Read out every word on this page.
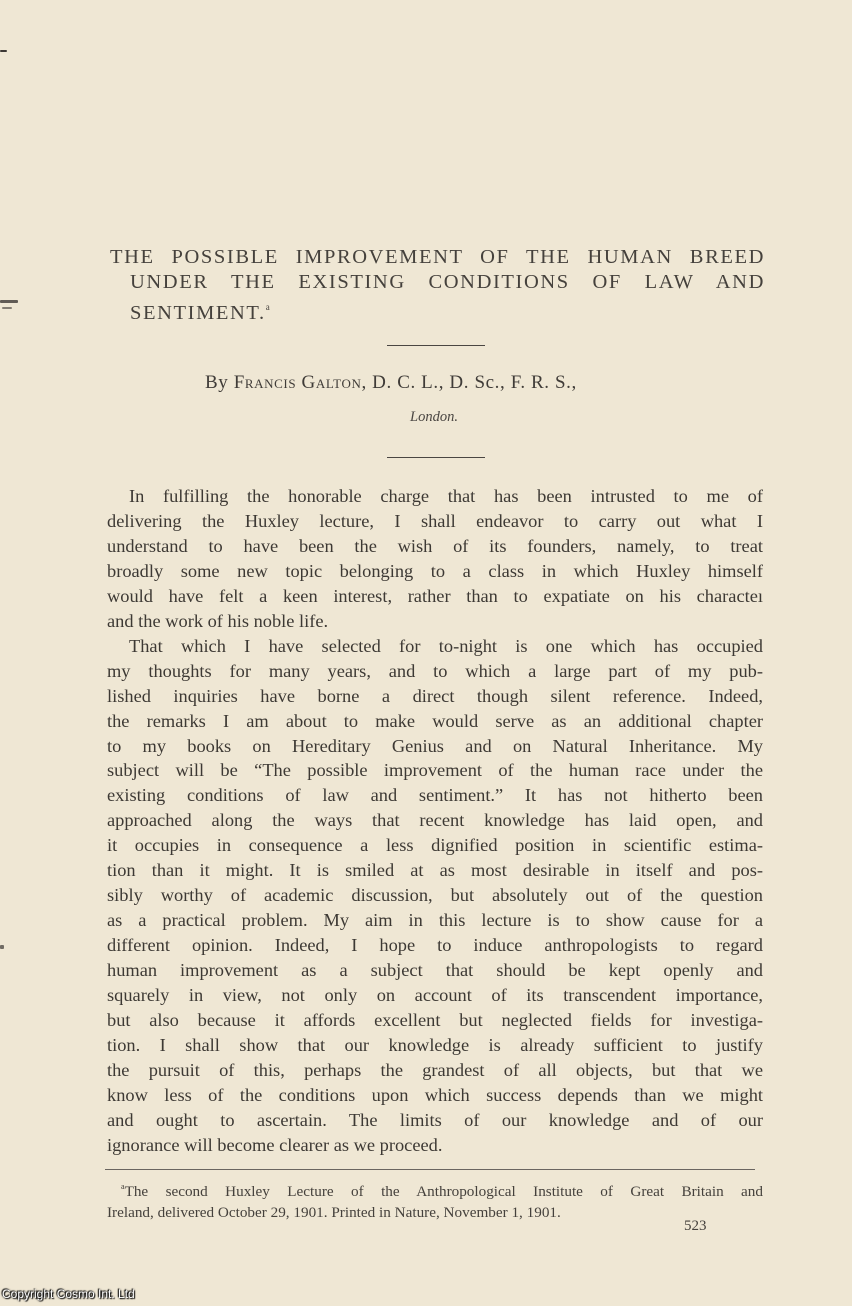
THE POSSIBLE IMPROVEMENT OF THE HUMAN BREED
UNDER THE EXISTING CONDITIONS OF LAW AND
SENTIMENT.$^a$
By Francis Galton, D. C. L., D. Sc., F. R. S.,
London.
In fulfilling the honorable charge that has been intrusted to me of
delivering the Huxley lecture, I shall endeavor to carry out what I
understand to have been the wish of its founders, namely, to treat
broadly some new topic belonging to a class in which Huxley himself
would have felt a keen interest, rather than to expatiate on his characteı
and the work of his noble life.
That which I have selected for to-night is one which has occupied
my thoughts for many years, and to which a large part of my pub-
lished inquiries have borne a direct though silent reference. Indeed,
the remarks I am about to make would serve as an additional chapter
to my books on Hereditary Genius and on Natural Inheritance. My
subject will be “The possible improvement of the human race under the
existing conditions of law and sentiment.” It has not hitherto been
approached along the ways that recent knowledge has laid open, and
it occupies in consequence a less dignified position in scientific estima-
tion than it might. It is smiled at as most desirable in itself and pos-
sibly worthy of academic discussion, but absolutely out of the question
as a practical problem. My aim in this lecture is to show cause for a
different opinion. Indeed, I hope to induce anthropologists to regard
human improvement as a subject that should be kept openly and
squarely in view, not only on account of its transcendent importance,
but also because it affords excellent but neglected fields for investiga-
tion. I shall show that our knowledge is already sufficient to justify
the pursuit of this, perhaps the grandest of all objects, but that we
know less of the conditions upon which success depends than we might
and ought to ascertain. The limits of our knowledge and of our
ignorance will become clearer as we proceed.
$^a$The second Huxley Lecture of the Anthropological Institute of Great Britain and
Ireland, delivered October 29, 1901. Printed in Nature, November 1, 1901.
523
Copyright Cosmo Int. Ltd
